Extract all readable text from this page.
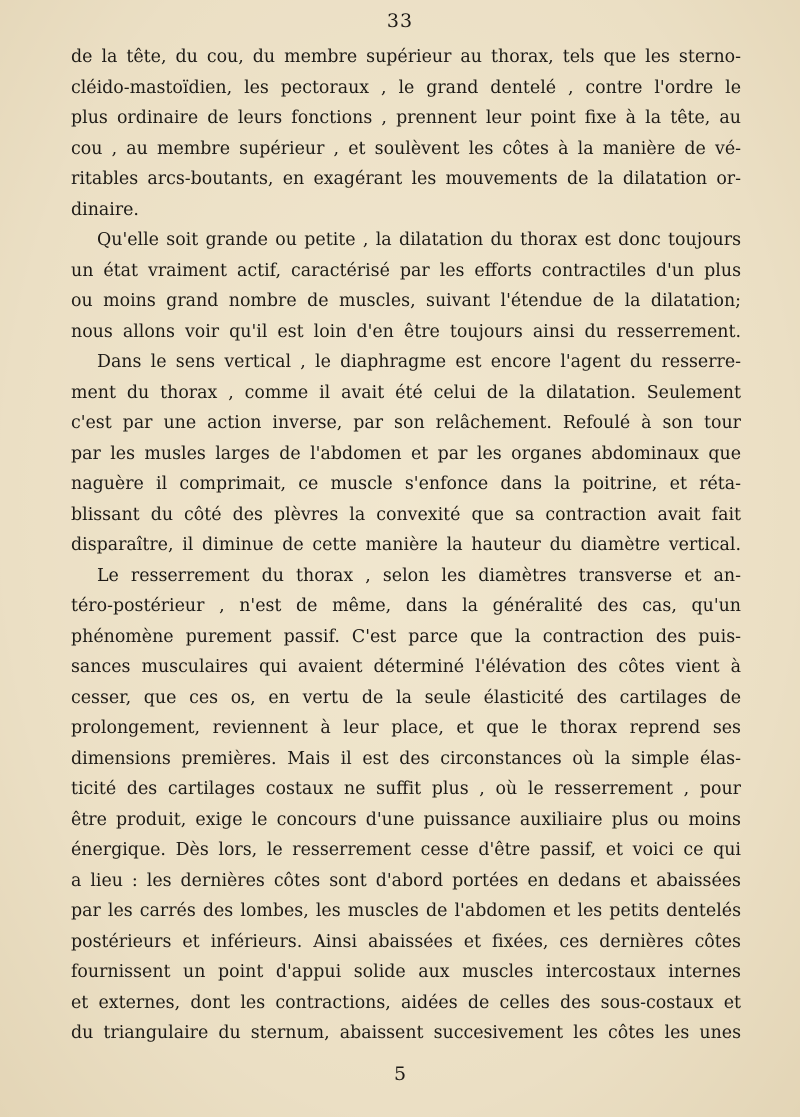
33
de la tête, du cou, du membre supérieur au thorax, tels que les sterno-
cléido-mastoïdien, les pectoraux , le grand dentelé , contre l'ordre le
plus ordinaire de leurs fonctions , prennent leur point fixe à la tête, au
cou , au membre supérieur , et soulèvent les côtes à la manière de vé-
ritables arcs-boutants, en exagérant les mouvements de la dilatation or-
dinaire.
Qu'elle soit grande ou petite , la dilatation du thorax est donc toujours
un état vraiment actif, caractérisé par les efforts contractiles d'un plus
ou moins grand nombre de muscles, suivant l'étendue de la dilatation;
nous allons voir qu'il est loin d'en être toujours ainsi du resserrement.
Dans le sens vertical , le diaphragme est encore l'agent du resserre-
ment du thorax , comme il avait été celui de la dilatation. Seulement
c'est par une action inverse, par son relâchement. Refoulé à son tour
par les musles larges de l'abdomen et par les organes abdominaux que
naguère il comprimait, ce muscle s'enfonce dans la poitrine, et réta-
blissant du côté des plèvres la convexité que sa contraction avait fait
disparaître, il diminue de cette manière la hauteur du diamètre vertical.
Le resserrement du thorax , selon les diamètres transverse et an-
téro-postérieur , n'est de même, dans la généralité des cas, qu'un
phénomène purement passif. C'est parce que la contraction des puis-
sances musculaires qui avaient déterminé l'élévation des côtes vient à
cesser, que ces os, en vertu de la seule élasticité des cartilages de
prolongement, reviennent à leur place, et que le thorax reprend ses
dimensions premières. Mais il est des circonstances où la simple élas-
ticité des cartilages costaux ne suffit plus , où le resserrement , pour
être produit, exige le concours d'une puissance auxiliaire plus ou moins
énergique. Dès lors, le resserrement cesse d'être passif, et voici ce qui
a lieu : les dernières côtes sont d'abord portées en dedans et abaissées
par les carrés des lombes, les muscles de l'abdomen et les petits dentelés
postérieurs et inférieurs. Ainsi abaissées et fixées, ces dernières côtes
fournissent un point d'appui solide aux muscles intercostaux internes
et externes, dont les contractions, aidées de celles des sous-costaux et
du triangulaire du sternum, abaissent succesivement les côtes les unes
5
